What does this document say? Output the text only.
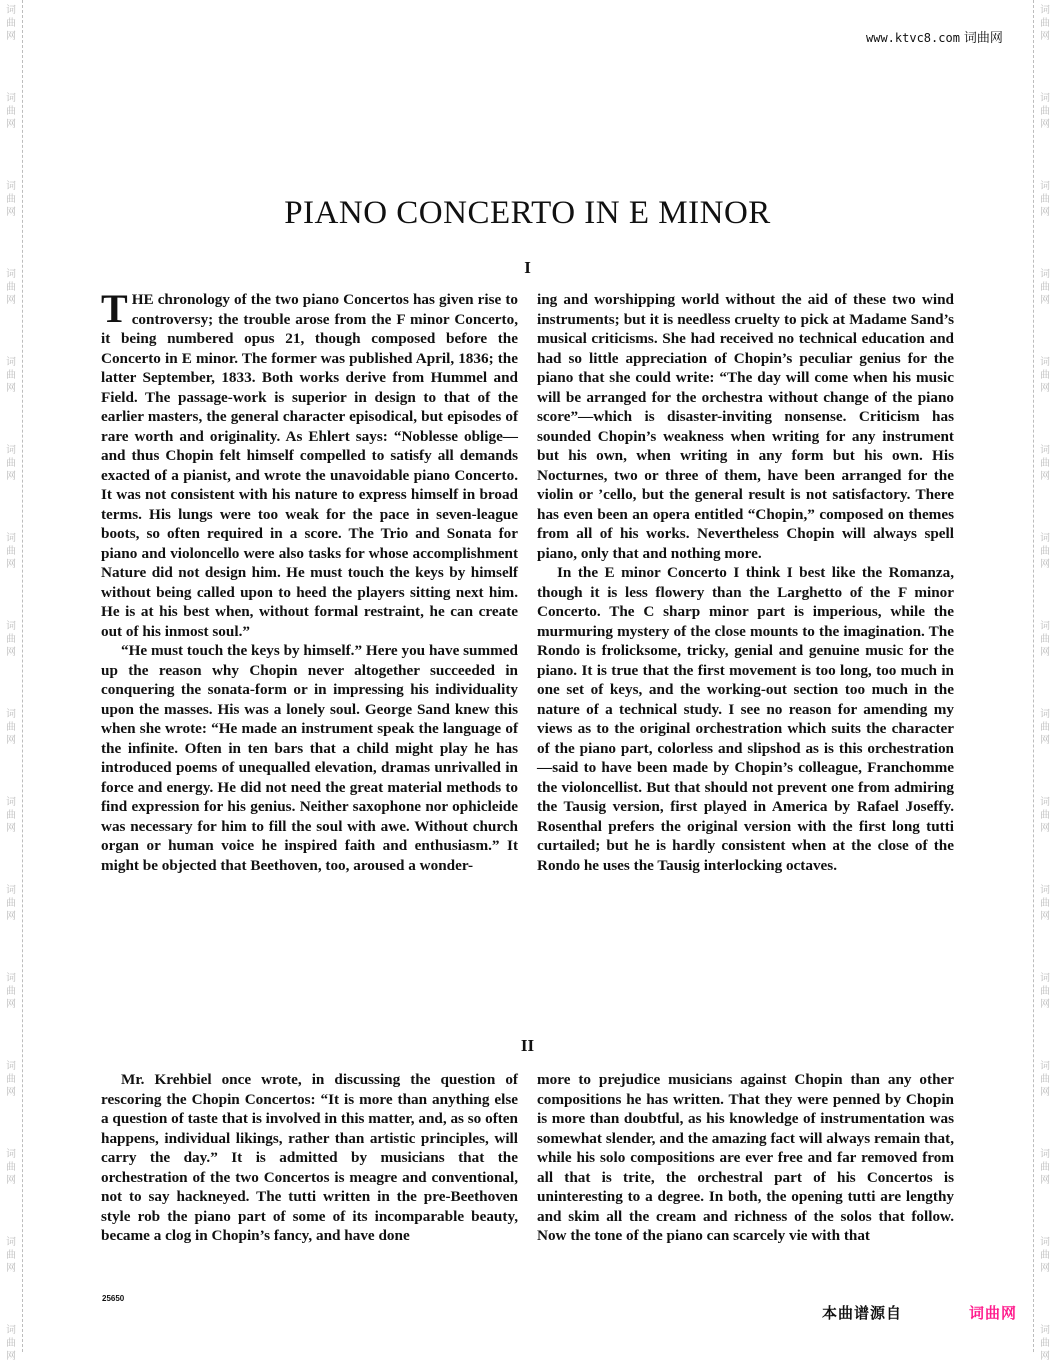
词
曲
网
词
曲
网
词
曲
网
词
曲
网
词
曲
网
词
曲
网
词
曲
网
词
曲
网
词
曲
网
词
曲
网
词
曲
网
词
曲
网
词
曲
网
词
曲
网
词
曲
网
词
曲
网
词
曲
网
词
曲
网
词
曲
网
词
曲
网
词
曲
网
词
曲
网
词
曲
网
词
曲
网
词
曲
网
词
曲
网
词
曲
网
词
曲
网
词
曲
网
词
曲
网
词
曲
网
词
曲
网
www.ktvc8.com 词曲网
PIANO CONCERTO IN E MINOR
I

THE chronology of the two piano Concertos has given rise to controversy; the trouble arose from the F minor Concerto, it being numbered opus 21, though composed before the Concerto in E minor. The former was published April, 1836; the latter September, 1833. Both works derive from Hummel and Field. The passage-work is superior in design to that of the earlier masters, the general character episodical, but episodes of rare worth and originality. As Ehlert says: “Noblesse oblige—and thus Chopin felt himself compelled to satisfy all demands exacted of a pianist, and wrote the unavoidable piano Concerto. It was not consistent with his nature to express himself in broad terms. His lungs were too weak for the pace in seven-league boots, so often required in a score. The Trio and Sonata for piano and violoncello were also tasks for whose accomplishment Nature did not design him. He must touch the keys by himself without being called upon to heed the players sitting next him. He is at his best when, without formal restraint, he can create out of his inmost soul.”

“He must touch the keys by himself.” Here you have summed up the reason why Chopin never altogether succeeded in conquering the sonata-form or in impressing his individuality upon the masses. His was a lonely soul. George Sand knew this when she wrote: “He made an instrument speak the language of the infinite. Often in ten bars that a child might play he has introduced poems of unequalled elevation, dramas unrivalled in force and energy. He did not need the great material methods to find expression for his genius. Neither saxophone nor ophicleide was necessary for him to fill the soul with awe. Without church organ or human voice he inspired faith and enthusiasm.” It might be objected that Beethoven, too, aroused a wonder-

ing and worshipping world without the aid of these two wind instruments; but it is needless cruelty to pick at Madame Sand’s musical criticisms. She had received no technical education and had so little appreciation of Chopin’s peculiar genius for the piano that she could write: “The day will come when his music will be arranged for the orchestra without change of the piano score”—which is disaster-inviting nonsense. Criticism has sounded Chopin’s weakness when writing for any instrument but his own, when writing in any form but his own. His Nocturnes, two or three of them, have been arranged for the violin or ’cello, but the general result is not satisfactory. There has even been an opera entitled “Chopin,” composed on themes from all of his works. Nevertheless Chopin will always spell piano, only that and nothing more.

In the E minor Concerto I think I best like the Romanza, though it is less flowery than the Larghetto of the F minor Concerto. The C sharp minor part is imperious, while the murmuring mystery of the close mounts to the imagination. The Rondo is frolicksome, tricky, genial and genuine music for the piano. It is true that the first movement is too long, too much in one set of keys, and the working-out section too much in the nature of a technical study. I see no reason for amending my views as to the original orchestration which suits the character of the piano part, colorless and slipshod as is this orchestration—said to have been made by Chopin’s colleague, Franchomme the violoncellist. But that should not prevent one from admiring the Tausig version, first played in America by Rafael Joseffy. Rosenthal prefers the original version with the first long tutti curtailed; but he is hardly consistent when at the close of the Rondo he uses the Tausig interlocking octaves.

II

Mr. Krehbiel once wrote, in discussing the question of rescoring the Chopin Concertos: “It is more than anything else a question of taste that is involved in this matter, and, as so often happens, individual likings, rather than artistic principles, will carry the day.” It is admitted by musicians that the orchestration of the two Concertos is meagre and conventional, not to say hackneyed. The tutti written in the pre-Beethoven style rob the piano part of some of its incomparable beauty, became a clog in Chopin’s fancy, and have done

more to prejudice musicians against Chopin than any other compositions he has written. That they were penned by Chopin is more than doubtful, as his knowledge of instrumentation was somewhat slender, and the amazing fact will always remain that, while his solo compositions are ever free and far removed from all that is trite, the orchestral part of his Concertos is uninteresting to a degree. In both, the opening tutti are lengthy and skim all the cream and richness of the solos that follow. Now the tone of the piano can scarcely vie with that

25650
本曲谱源自	词曲网
